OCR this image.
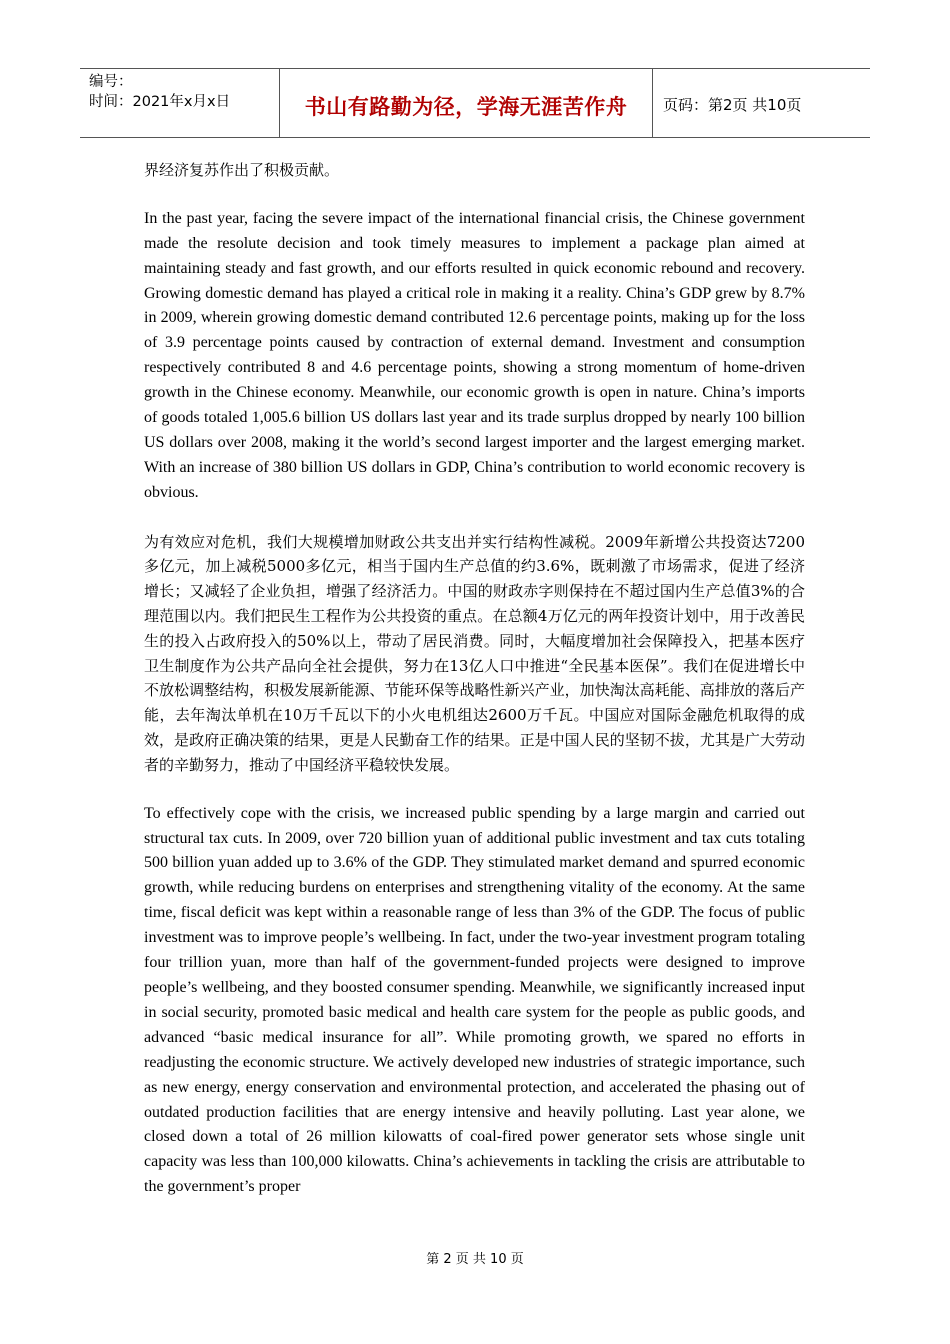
编号：
时间：2021年x月x日	书山有路勤为径，学海无涯苦作舟 页码：第2页 共10页

界经济复苏作出了积极贡献。

In the past year, facing the severe impact of the international financial crisis, the Chinese government made the resolute decision and took timely measures to implement a package plan aimed at maintaining steady and fast growth, and our efforts resulted in quick economic rebound and recovery. Growing domestic demand has played a critical role in making it a reality. China’s GDP grew by 8.7% in 2009, wherein growing domestic demand contributed 12.6 percentage points, making up for the loss of 3.9 percentage points caused by contraction of external demand. Investment and consumption respectively contributed 8 and 4.6 percentage points, showing a strong momentum of home-driven growth in the Chinese economy. Meanwhile, our economic growth is open in nature. China’s imports of goods totaled 1,005.6 billion US dollars last year and its trade surplus dropped by nearly 100 billion US dollars over 2008, making it the world’s second largest importer and the largest emerging market. With an increase of 380 billion US dollars in GDP, China’s contribution to world economic recovery is obvious.

为有效应对危机，我们大规模增加财政公共支出并实行结构性减税。2009年新增公共投资达7200多亿元，加上减税5000多亿元，相当于国内生产总值的约3.6%，既刺激了市场需求，促进了经济增长；又减轻了企业负担，增强了经济活力。中国的财政赤字则保持在不超过国内生产总值3%的合理范围以内。我们把民生工程作为公共投资的重点。在总额4万亿元的两年投资计划中，用于改善民生的投入占政府投入的50%以上，带动了居民消费。同时，大幅度增加社会保障投入，把基本医疗卫生制度作为公共产品向全社会提供，努力在13亿人口中推进“全民基本医保”。我们在促进增长中不放松调整结构，积极发展新能源、节能环保等战略性新兴产业，加快淘汰高耗能、高排放的落后产能，去年淘汰单机在10万千瓦以下的小火电机组达2600万千瓦。中国应对国际金融危机取得的成效，是政府正确决策的结果，更是人民勤奋工作的结果。正是中国人民的坚韧不拔，尤其是广大劳动者的辛勤努力，推动了中国经济平稳较快发展。

To effectively cope with the crisis, we increased public spending by a large margin and carried out structural tax cuts. In 2009, over 720 billion yuan of additional public investment and tax cuts totaling 500 billion yuan added up to 3.6% of the GDP. They stimulated market demand and spurred economic growth, while reducing burdens on enterprises and strengthening vitality of the economy. At the same time, fiscal deficit was kept within a reasonable range of less than 3% of the GDP. The focus of public investment was to improve people’s wellbeing. In fact, under the two-year investment program totaling four trillion yuan, more than half of the government-funded projects were designed to improve people’s wellbeing, and they boosted consumer spending. Meanwhile, we significantly increased input in social security, promoted basic medical and health care system for the people as public goods, and advanced “basic medical insurance for all”. While promoting growth, we spared no efforts in readjusting the economic structure. We actively developed new industries of strategic importance, such as new energy, energy conservation and environmental protection, and accelerated the phasing out of outdated production facilities that are energy intensive and heavily polluting. Last year alone, we closed down a total of 26 million kilowatts of coal-fired power generator sets whose single unit capacity was less than 100,000 kilowatts. China’s achievements in tackling the crisis are attributable to the government’s proper

第 2 页 共 10 页
